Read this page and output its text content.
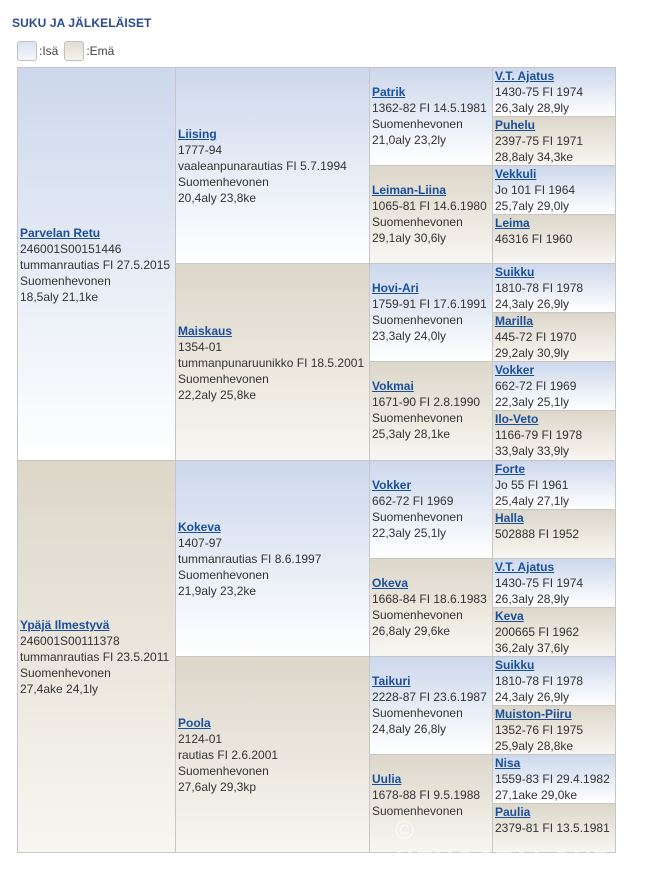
SUKU JA JÄLKELÄISET
:Isä :Emä
Parvelan Retu
246001S00151446
tummanrautias FI 27.5.2015
Suomenhevonen
18,5aly 21,1ke
Ypäjä Ilmestyvä
246001S00111378
tummanrautias FI 23.5.2011
Suomenhevonen
27,4ake 24,1ly
Liising
1777-94
vaaleanpunarautias FI 5.7.1994
Suomenhevonen
20,4aly 23,8ke
Maiskaus
1354-01
tummanpunaruunikko FI 18.5.2001
Suomenhevonen
22,2aly 25,8ke
Kokeva
1407-97
tummanrautias FI 8.6.1997
Suomenhevonen
21,9aly 23,2ke
Poola
2124-01
rautias FI 2.6.2001
Suomenhevonen
27,6aly 29,3kp
Patrik
1362-82 FI 14.5.1981
Suomenhevonen
21,0aly 23,2ly
Leiman-Liina
1065-81 FI 14.6.1980
Suomenhevonen
29,1aly 30,6ly
Hovi-Ari
1759-91 FI 17.6.1991
Suomenhevonen
23,3aly 24,0ly
Vokmai
1671-90 FI 2.8.1990
Suomenhevonen
25,3aly 28,1ke
Vokker
662-72 FI 1969
Suomenhevonen
22,3aly 25,1ly
Okeva
1668-84 FI 18.6.1983
Suomenhevonen
26,8aly 29,6ke
Taikuri
2228-87 FI 23.6.1987
Suomenhevonen
24,8aly 26,8ly
Uulia
1678-88 FI 9.5.1988
Suomenhevonen
V.T. Ajatus
1430-75 FI 1974
26,3aly 28,9ly
Puhelu
2397-75 FI 1971
28,8aly 34,3ke
Vekkuli
Jo 101 FI 1964
25,7aly 29,0ly
Leima
46316 FI 1960
Suikku
1810-78 FI 1978
24,3aly 26,9ly
Marilla
445-72 FI 1970
29,2aly 30,9ly
Vokker
662-72 FI 1969
22,3aly 25,1ly
Ilo-Veto
1166-79 FI 1978
33,9aly 33,9ly
Forte
Jo 55 FI 1961
25,4aly 27,1ly
Halla
502888 FI 1952
V.T. Ajatus
1430-75 FI 1974
26,3aly 28,9ly
Keva
200665 FI 1962
36,2aly 37,6ly
Suikku
1810-78 FI 1978
24,3aly 26,9ly
Muiston-Piiru
1352-76 FI 1975
25,9aly 28,8ke
Nisa
1559-83 FI 29.4.1982
27,1ake 29,0ke
Paulia
2379-81 FI 13.5.1981
© HEVOSTALOUDEN
